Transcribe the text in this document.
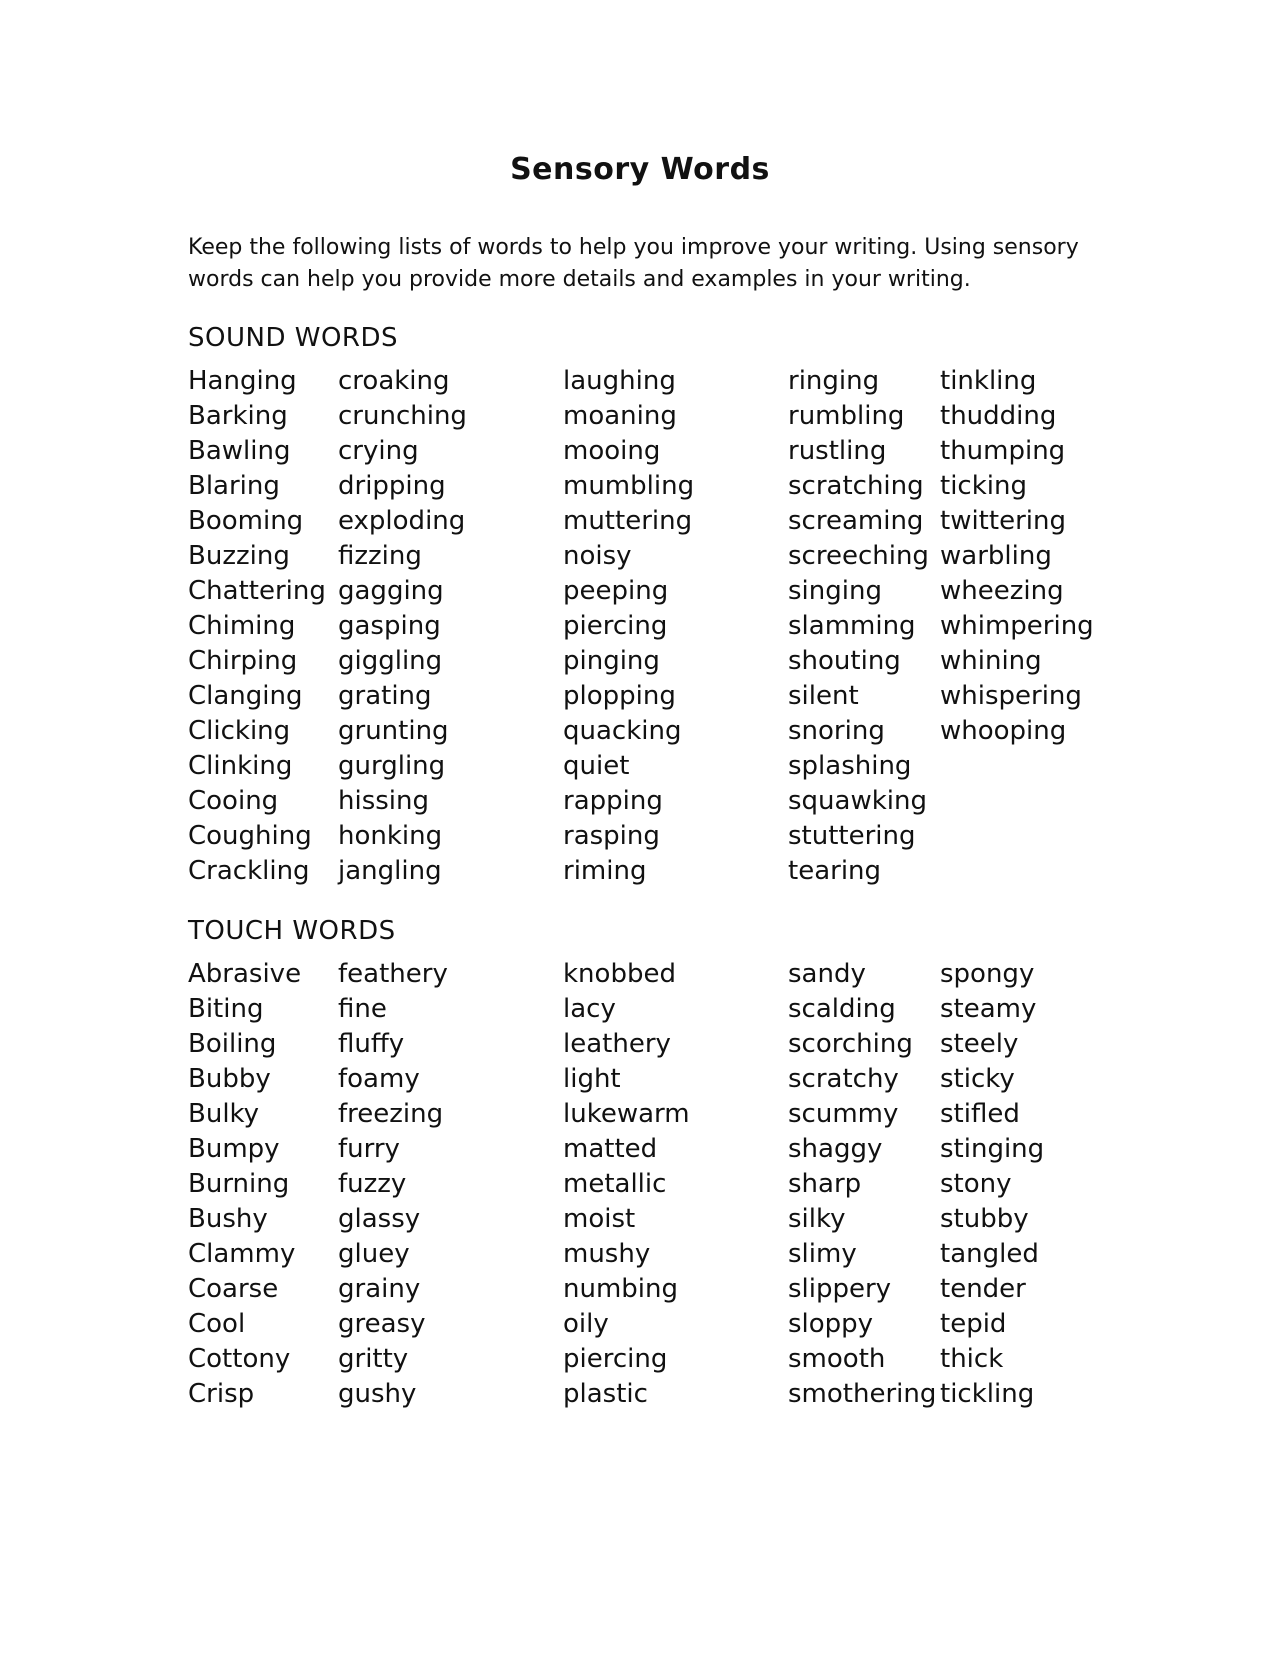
Sensory Words

Keep the following lists of words to help you improve your writing. Using sensory

words can help you provide more details and examples in your writing.

SOUND WORDS
Hanging
Barking
Bawling
Blaring
Booming
Buzzing
Chattering
Chiming
Chirping
Clanging
Clicking
Clinking
Cooing
Coughing
Crackling
croaking
crunching
crying
dripping
exploding
fizzing
gagging
gasping
giggling
grating
grunting
gurgling
hissing
honking
jangling
laughing
moaning
mooing
mumbling
muttering
noisy
peeping
piercing
pinging
plopping
quacking
quiet
rapping
rasping
riming
ringing
rumbling
rustling
scratching
screaming
screeching
singing
slamming
shouting
silent
snoring
splashing
squawking
stuttering
tearing
tinkling
thudding
thumping
ticking
twittering
warbling
wheezing
whimpering
whining
whispering
whooping
TOUCH WORDS
Abrasive
Biting
Boiling
Bubby
Bulky
Bumpy
Burning
Bushy
Clammy
Coarse
Cool
Cottony
Crisp
feathery
fine
fluffy
foamy
freezing
furry
fuzzy
glassy
gluey
grainy
greasy
gritty
gushy
knobbed
lacy
leathery
light
lukewarm
matted
metallic
moist
mushy
numbing
oily
piercing
plastic
sandy
scalding
scorching
scratchy
scummy
shaggy
sharp
silky
slimy
slippery
sloppy
smooth
smothering
spongy
steamy
steely
sticky
stifled
stinging
stony
stubby
tangled
tender
tepid
thick
tickling
